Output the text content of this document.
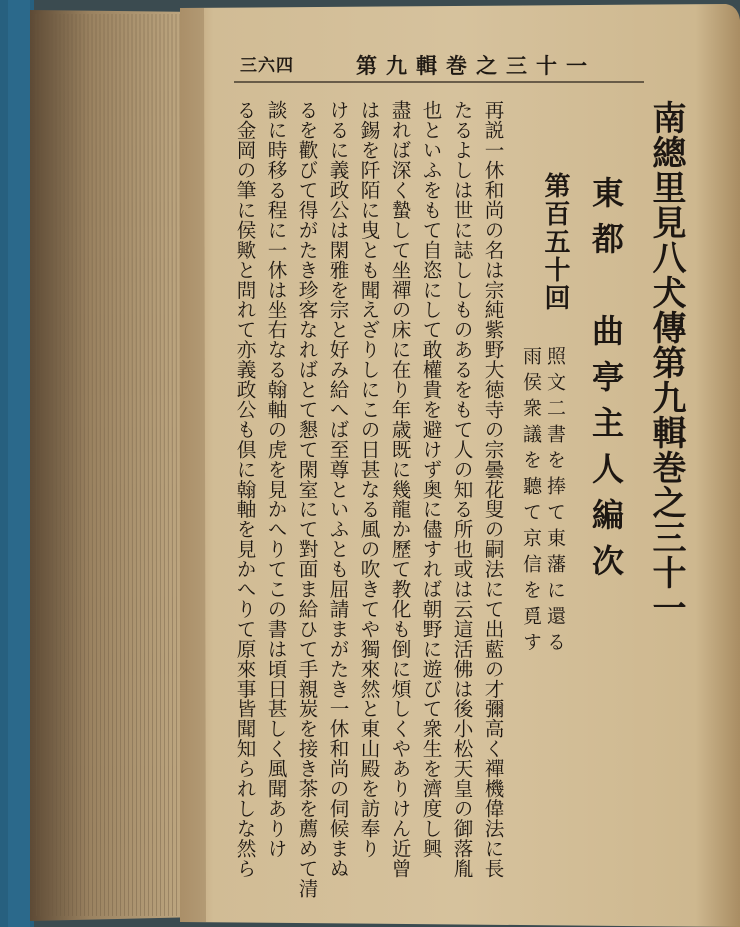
三六四	第九輯巻之三十一
南總里見八犬傳第九輯巻之三十一
東都　曲亭主人編次
第百五十回
照文二書を捧て東藩に還る
雨侯衆議を聽て京信を覓す
再説一休和尚の名は宗純紫野大徳寺の宗曇花叟の嗣法にて出藍の才彌高く禪機偉法に長
たるよしは世に誌ししものあるをもて人の知る所也或は云這活佛は後小松天皇の御落胤
也といふをもて自恣にして敢權貴を避けず奥に儘すれば朝野に遊びて衆生を濟度し興
盡れば深く蟄して坐禪の床に在り年歳既に幾龍か歷て教化も倒に煩しくやありけん近曾
は錫を阡陌に曳とも聞えざりしにこの日甚なる風の吹きてや獨來然と東山殿を訪奉り
けるに義政公は閑雅を宗と好み給へば至尊といふとも屈請まがたき一休和尚の伺候まぬ
るを歡びて得がたき珍客なればとて懇て閑室にて對面ま給ひて手親炭を接き茶を薦めて清
談に時移る程に一休は坐右なる翰軸の虎を見かへりてこの書は頃日甚しく風聞ありけ
る金岡の筆に侯歟と問れて亦義政公も倶に翰軸を見かへりて原來事皆聞知られしな然ら
